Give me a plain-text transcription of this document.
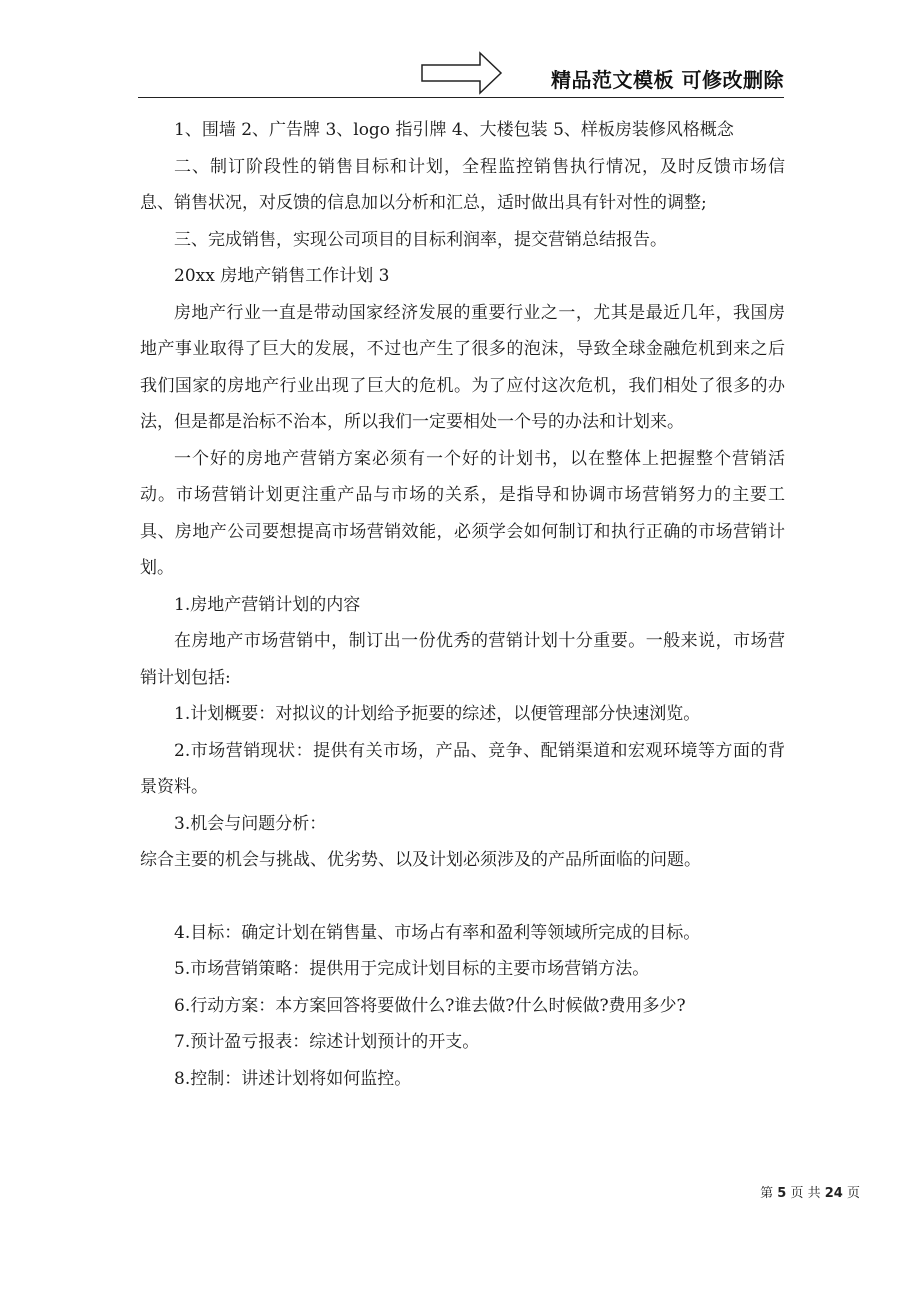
精品范文模板 可修改删除

1、围墙 2、广告牌 3、logo 指引牌 4、大楼包装 5、样板房装修风格概念

二、制订阶段性的销售目标和计划，全程监控销售执行情况，及时反馈市场信息、销售状况，对反馈的信息加以分析和汇总，适时做出具有针对性的调整;

三、完成销售，实现公司项目的目标利润率，提交营销总结报告。

20xx 房地产销售工作计划 3

房地产行业一直是带动国家经济发展的重要行业之一，尤其是最近几年，我国房地产事业取得了巨大的发展，不过也产生了很多的泡沫，导致全球金融危机到来之后我们国家的房地产行业出现了巨大的危机。为了应付这次危机，我们相处了很多的办法，但是都是治标不治本，所以我们一定要相处一个号的办法和计划来。

一个好的房地产营销方案必须有一个好的计划书，以在整体上把握整个营销活动。市场营销计划更注重产品与市场的关系，是指导和协调市场营销努力的主要工具、房地产公司要想提高市场营销效能，必须学会如何制订和执行正确的市场营销计划。

1.房地产营销计划的内容

在房地产市场营销中，制订出一份优秀的营销计划十分重要。一般来说，市场营销计划包括:

1.计划概要：对拟议的计划给予扼要的综述，以便管理部分快速浏览。

2.市场营销现状：提供有关市场，产品、竞争、配销渠道和宏观环境等方面的背景资料。

3.机会与问题分析：

综合主要的机会与挑战、优劣势、以及计划必须涉及的产品所面临的问题。

4.目标：确定计划在销售量、市场占有率和盈利等领域所完成的目标。

5.市场营销策略：提供用于完成计划目标的主要市场营销方法。

6.行动方案：本方案回答将要做什么?谁去做?什么时候做?费用多少?

7.预计盈亏报表：综述计划预计的开支。

8.控制：讲述计划将如何监控。

第 5 页 共 24 页
